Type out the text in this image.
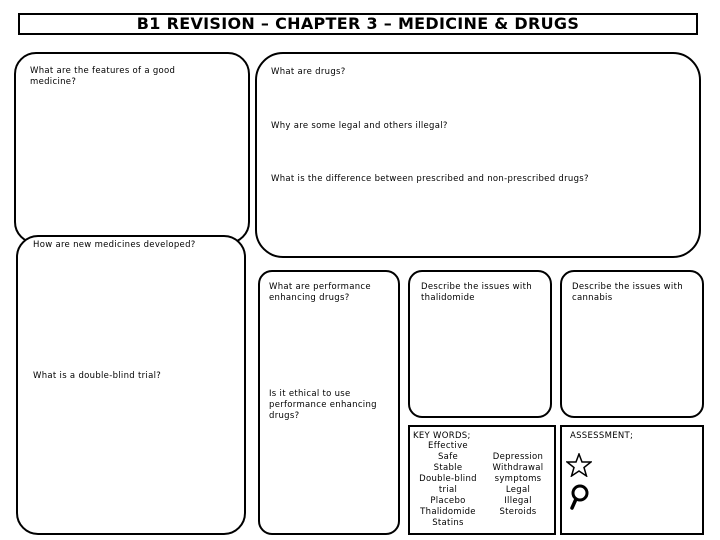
B1 REVISION – CHAPTER 3 – MEDICINE & DRUGS
What are the features of a good medicine?
What are drugs?
Why are some legal and others illegal?
What is the difference between prescribed and non-prescribed drugs?
How are new medicines developed?
What is a double-blind trial?
What are performance enhancing drugs?
Is it ethical to use performance enhancing drugs?
Describe the issues with thalidomide
Describe the issues with cannabis
KEY WORDS;
Effective
Safe
Stable
Double-blind
trial
Placebo
Thalidomide
Statins
Depression
Withdrawal
symptoms
Legal
Illegal
Steroids
ASSESSMENT;
